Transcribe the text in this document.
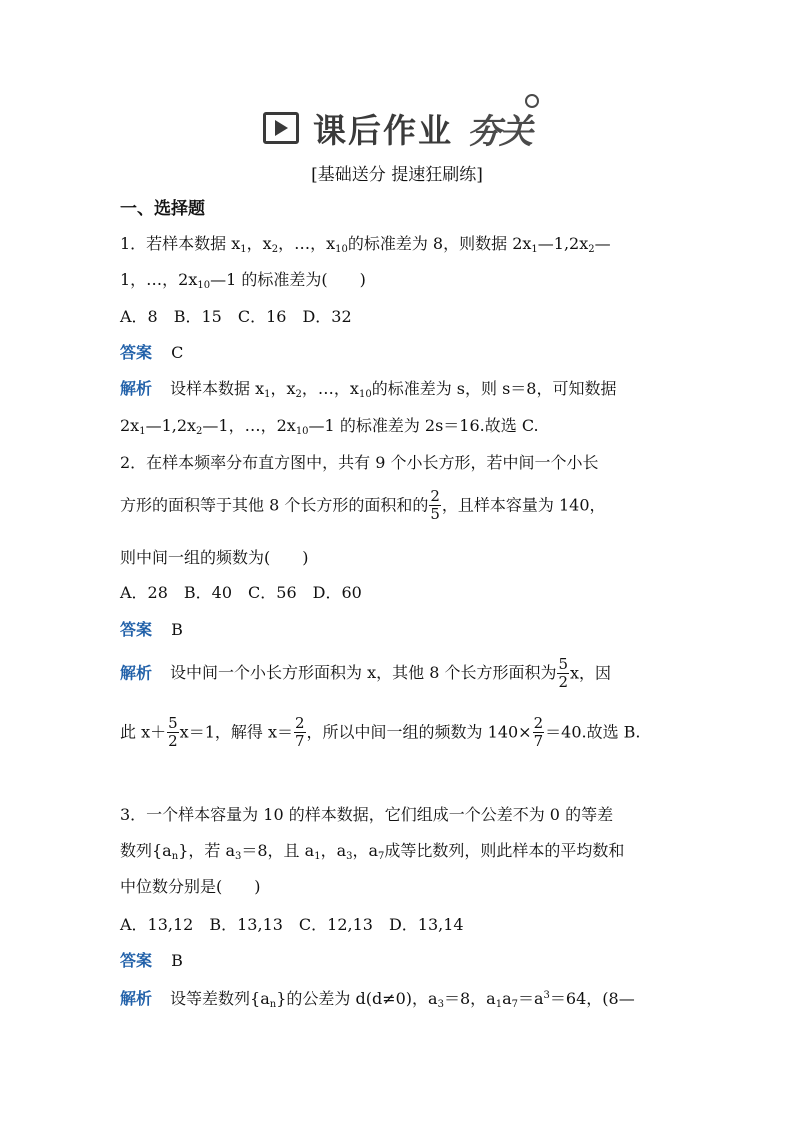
课后作业 夯关
[基础送分 提速狂刷练]
一、选择题
1．若样本数据 $x_1$，$x_2$，…，$x_{10}$的标准差为 8，则数据 $2x_1—1,2x_2—$
1，…，$2x_{10}—1$ 的标准差为(　　)
A．8　B．15　C．16　D．32
答案 C
解析 设样本数据 $x_1$，$x_2$，…，$x_{10}$的标准差为 s，则 s＝8，可知数据
$2x_1—1,2x_2—1$，…，$2x_{10}—1$ 的标准差为 2s＝16.故选 C.
2．在样本频率分布直方图中，共有 9 个小长方形，若中间一个小长
方形的面积等于其他 8 个长方形的面积和的 $\frac{2}{5}$ ，且样本容量为 140，
则中间一组的频数为(　　)
A．28　B．40　C．56　D．60
答案 B
解析 设中间一个小长方形面积为 x，其他 8 个长方形面积为 $\frac{5}{2}$ x，因
此 $x+ \frac{5}{2} x=1$，解得 $x= \frac{2}{7}$ ，所以中间一组的频数为 $140\times \frac{2}{7} =40$.故选 B.
3．一个样本容量为 10 的样本数据，它们组成一个公差不为 0 的等差
数列$\{a_n\}$，若 $a_3=8$，且 $a_1$，$a_3$，$a_7$成等比数列，则此样本的平均数和
中位数分别是(　　)
A．13,12　B．13,13　C．12,13　D．13,14
答案 B
解析 设等差数列$\{a_n\}$的公差为 d(d≠0)，$a_3=8$，$a_1a_7=a^3=64$，(8—
